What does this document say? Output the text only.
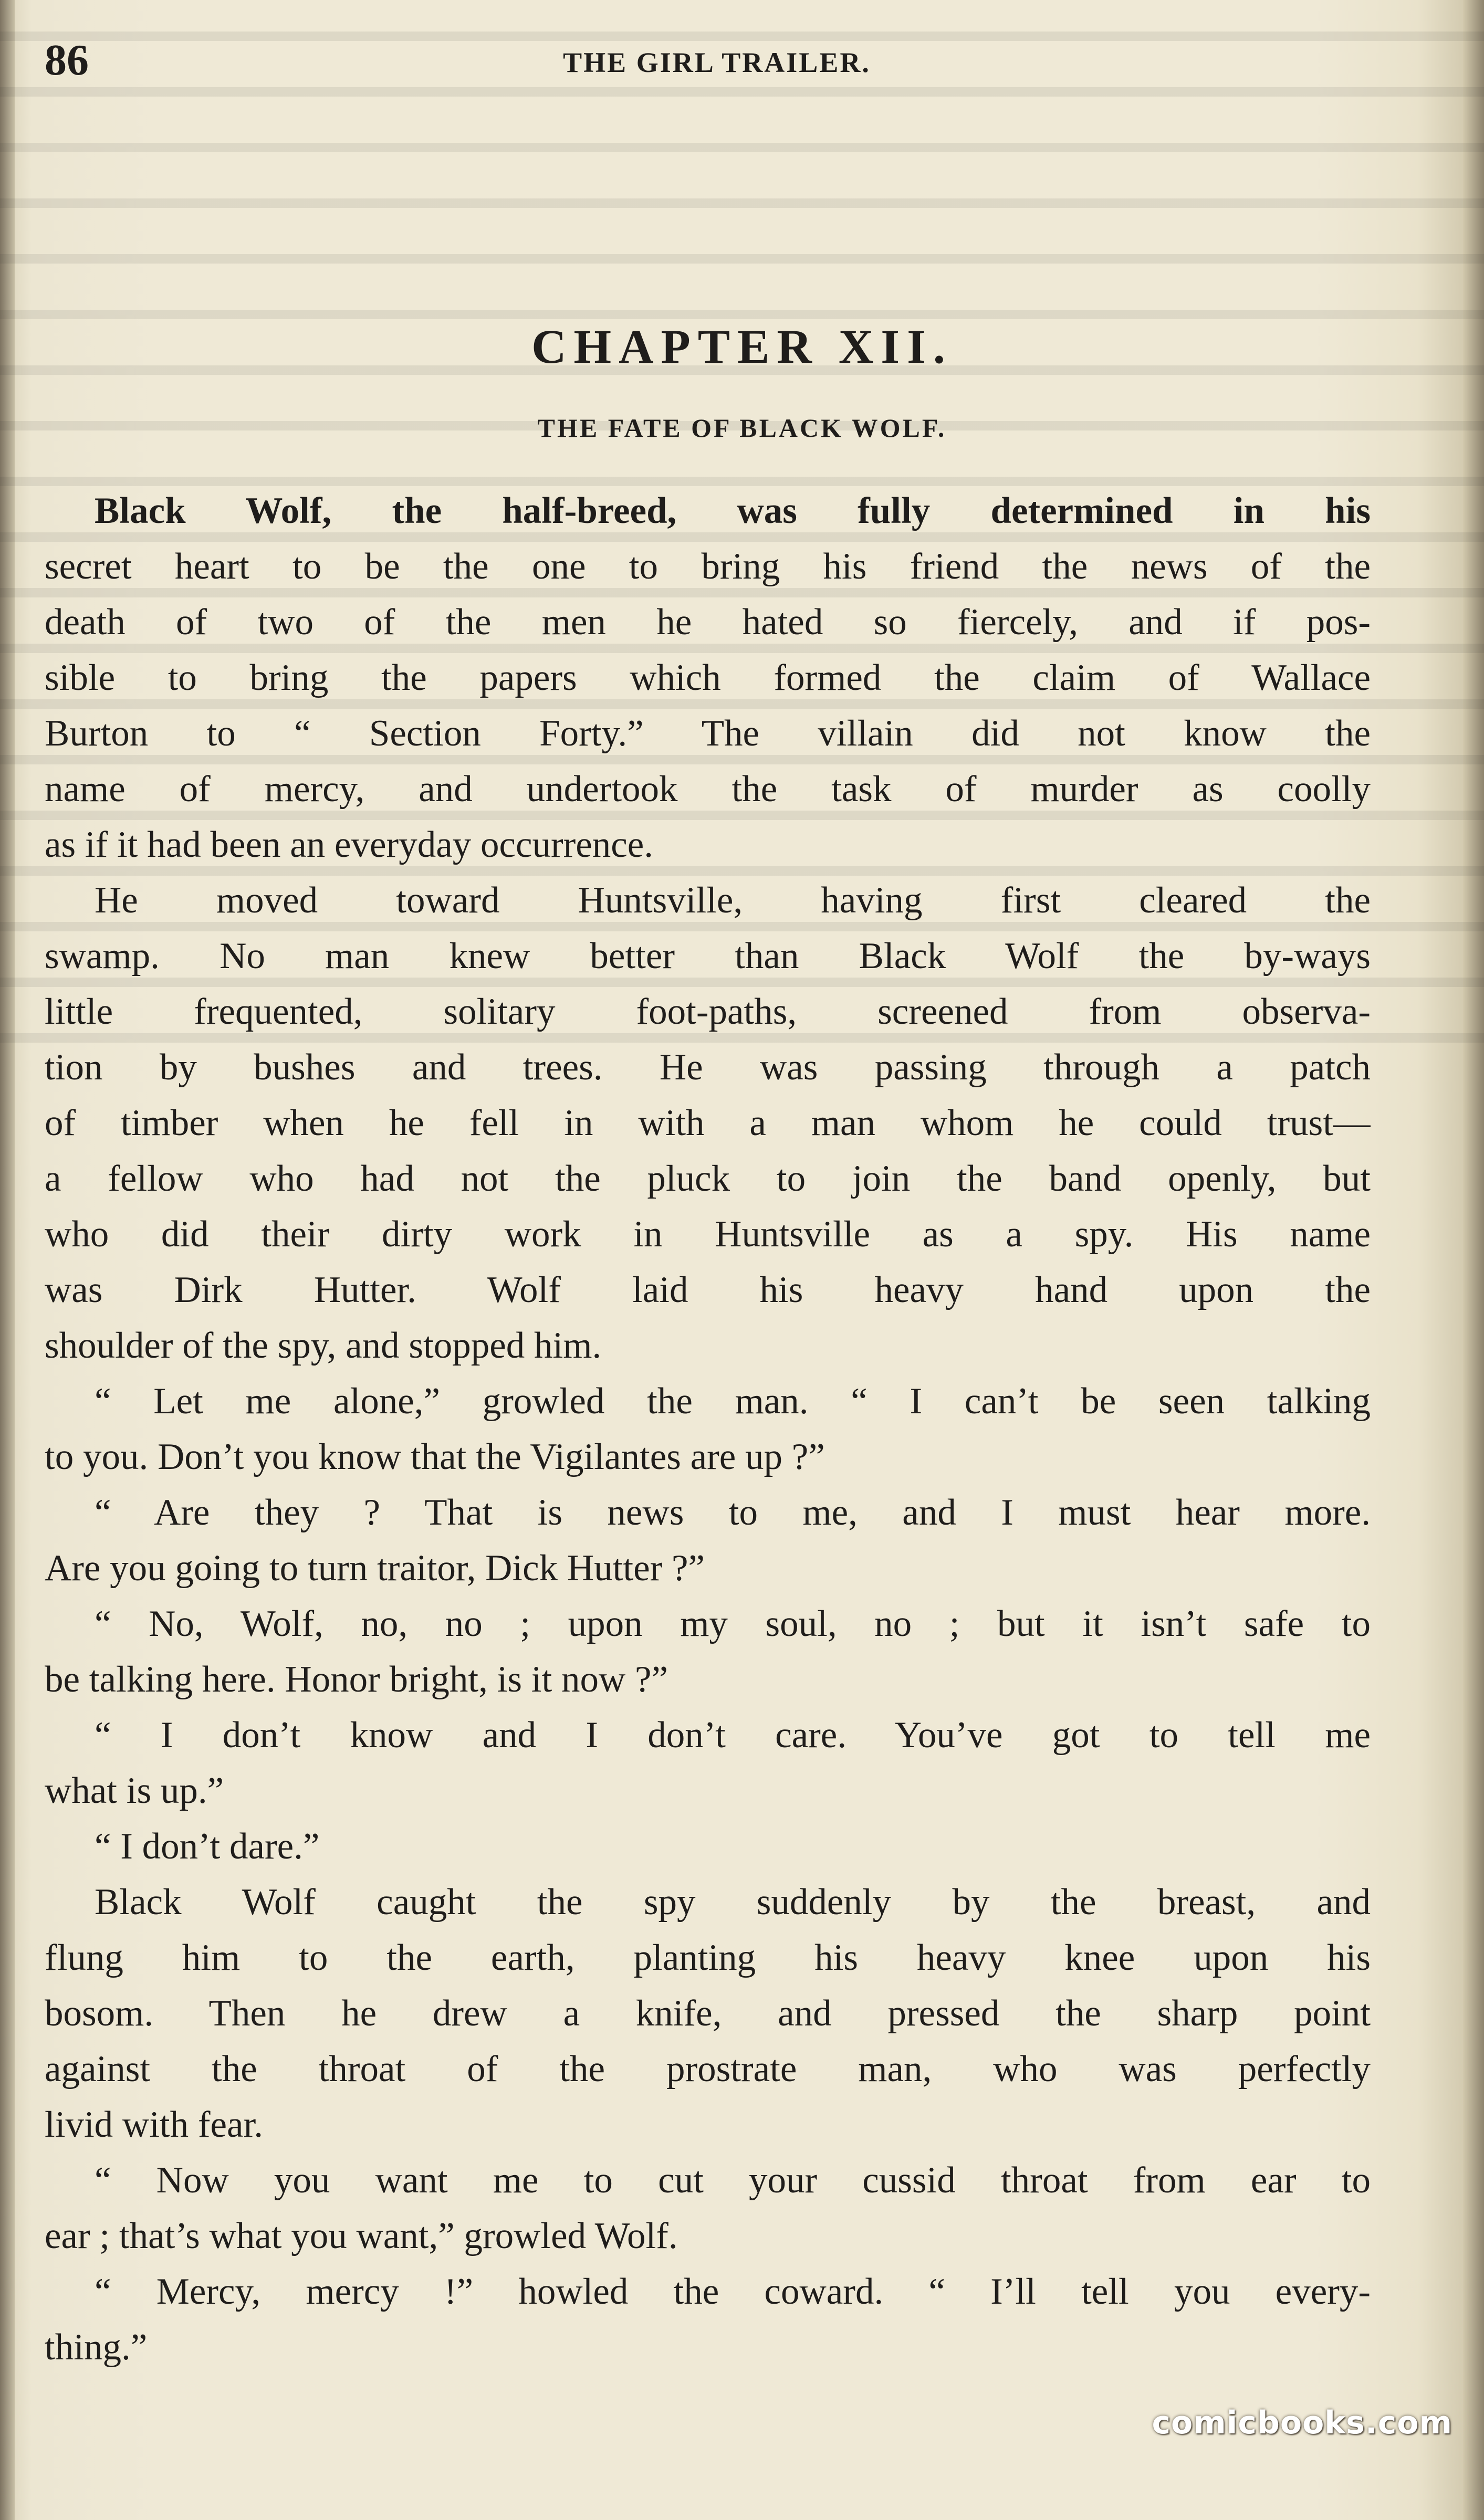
86	THE GIRL TRAILER.
CHAPTER XII.
THE FATE OF BLACK WOLF.
Black Wolf, the half-breed, was fully determined in his
secret heart to be the one to bring his friend the news of the
death of two of the men he hated so fiercely, and if pos-
sible to bring the papers which formed the claim of Wallace
Burton to “ Section Forty.” The villain did not know the
name of mercy, and undertook the task of murder as coolly
as if it had been an everyday occurrence.
He moved toward Huntsville, having first cleared the
swamp. No man knew better than Black Wolf the by-ways
little frequented, solitary foot-paths, screened from observa-
tion by bushes and trees. He was passing through a patch
of timber when he fell in with a man whom he could trust—
a fellow who had not the pluck to join the band openly, but
who did their dirty work in Huntsville as a spy. His name
was Dirk Hutter. Wolf laid his heavy hand upon the
shoulder of the spy, and stopped him.
“ Let me alone,” growled the man. “ I can’t be seen talking
to you. Don’t you know that the Vigilantes are up ?”
“ Are they ? That is news to me, and I must hear more.
Are you going to turn traitor, Dick Hutter ?”
“ No, Wolf, no, no ; upon my soul, no ; but it isn’t safe to
be talking here. Honor bright, is it now ?”
“ I don’t know and I don’t care. You’ve got to tell me
what is up.”
“ I don’t dare.”
Black Wolf caught the spy suddenly by the breast, and
flung him to the earth, planting his heavy knee upon his
bosom. Then he drew a knife, and pressed the sharp point
against the throat of the prostrate man, who was perfectly
livid with fear.
“ Now you want me to cut your cussid throat from ear to
ear ; that’s what you want,” growled Wolf.
“ Mercy, mercy !” howled the coward. “ I’ll tell you every-
thing.”
comicbooks.com
